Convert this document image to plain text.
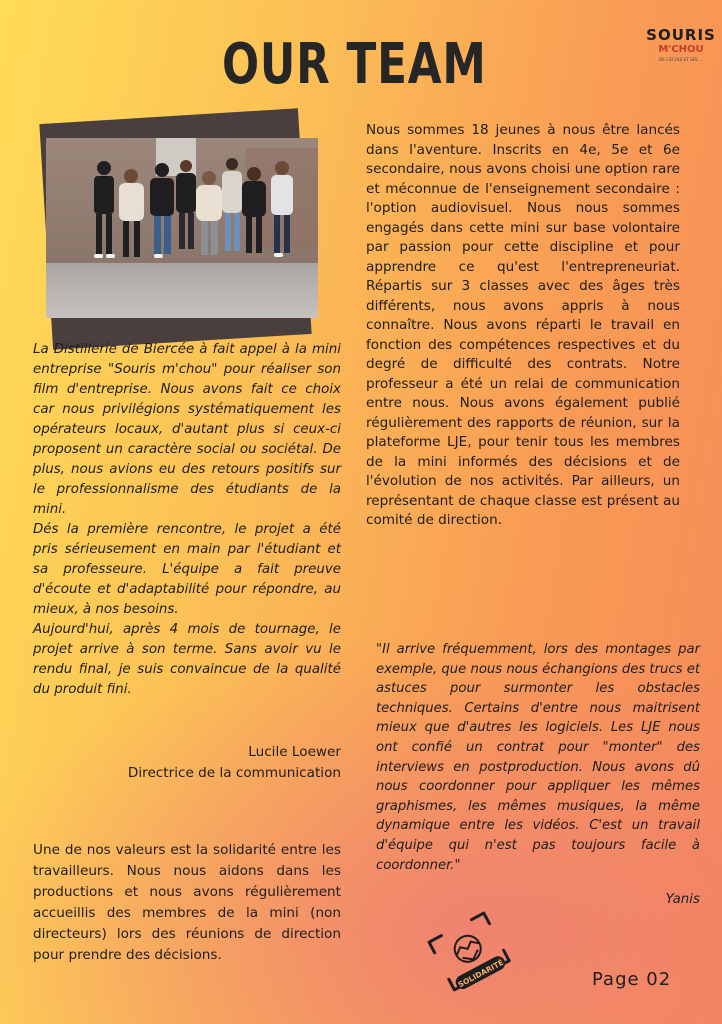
OUR TEAM	SOURIS
M'CHOU
DE L'ÉCOLE ET SES ...

La Distillerie de Biercée à fait appel à la mini entreprise "Souris m'chou" pour réaliser son film d'entreprise. Nous avons fait ce choix car nous privilégions systématiquement les opérateurs locaux, d'autant plus si ceux-ci proposent un caractère social ou sociétal. De plus, nous avions eu des retours positifs sur le professionnalisme des étudiants de la mini.

Dés la première rencontre, le projet a été pris sérieusement en main par l'étudiant et sa professeure. L'équipe a fait preuve d'écoute et d'adaptabilité pour répondre, au mieux, à nos besoins.

Aujourd'hui, après 4 mois de tournage, le projet arrive à son terme. Sans avoir vu le rendu final, je suis convaincue de la qualité du produit fini.

Lucile Loewer
Directrice de la communication
Une de nos valeurs est la solidarité entre les travailleurs. Nous nous aidons dans les productions et nous avons régulièrement accueillis des membres de la mini (non directeurs) lors des réunions de direction pour prendre des décisions.
Nous sommes 18 jeunes à nous être lancés dans l'aventure. Inscrits en 4e, 5e et 6e secondaire, nous avons choisi une option rare et méconnue de l'enseignement secondaire : l'option audiovisuel. Nous nous sommes engagés dans cette mini sur base volontaire par passion pour cette discipline et pour apprendre ce qu'est l'entrepreneuriat. Répartis sur 3 classes avec des âges très différents, nous avons appris à nous connaître. Nous avons réparti le travail en fonction des compétences respectives et du degré de difficulté des contrats. Notre professeur a été un relai de communication entre nous. Nous avons également publié régulièrement des rapports de réunion, sur la plateforme LJE, pour tenir tous les membres de la mini informés des décisions et de l'évolution de nos activités. Par ailleurs, un représentant de chaque classe est présent au comité de direction.
"Il arrive fréquemment, lors des montages par exemple, que nous nous échangions des trucs et astuces pour surmonter les obstacles techniques. Certains d'entre nous maitrisent mieux que d'autres les logiciels. Les LJE nous ont confié un contrat pour "monter" des interviews en postproduction. Nous avons dû nous coordonner pour appliquer les mêmes graphismes, les mêmes musiques, la même dynamique entre les vidéos. C'est un travail d'équipe qui n'est pas toujours facile à coordonner."
Yanis
SOLIDARITÉ	Page 02
